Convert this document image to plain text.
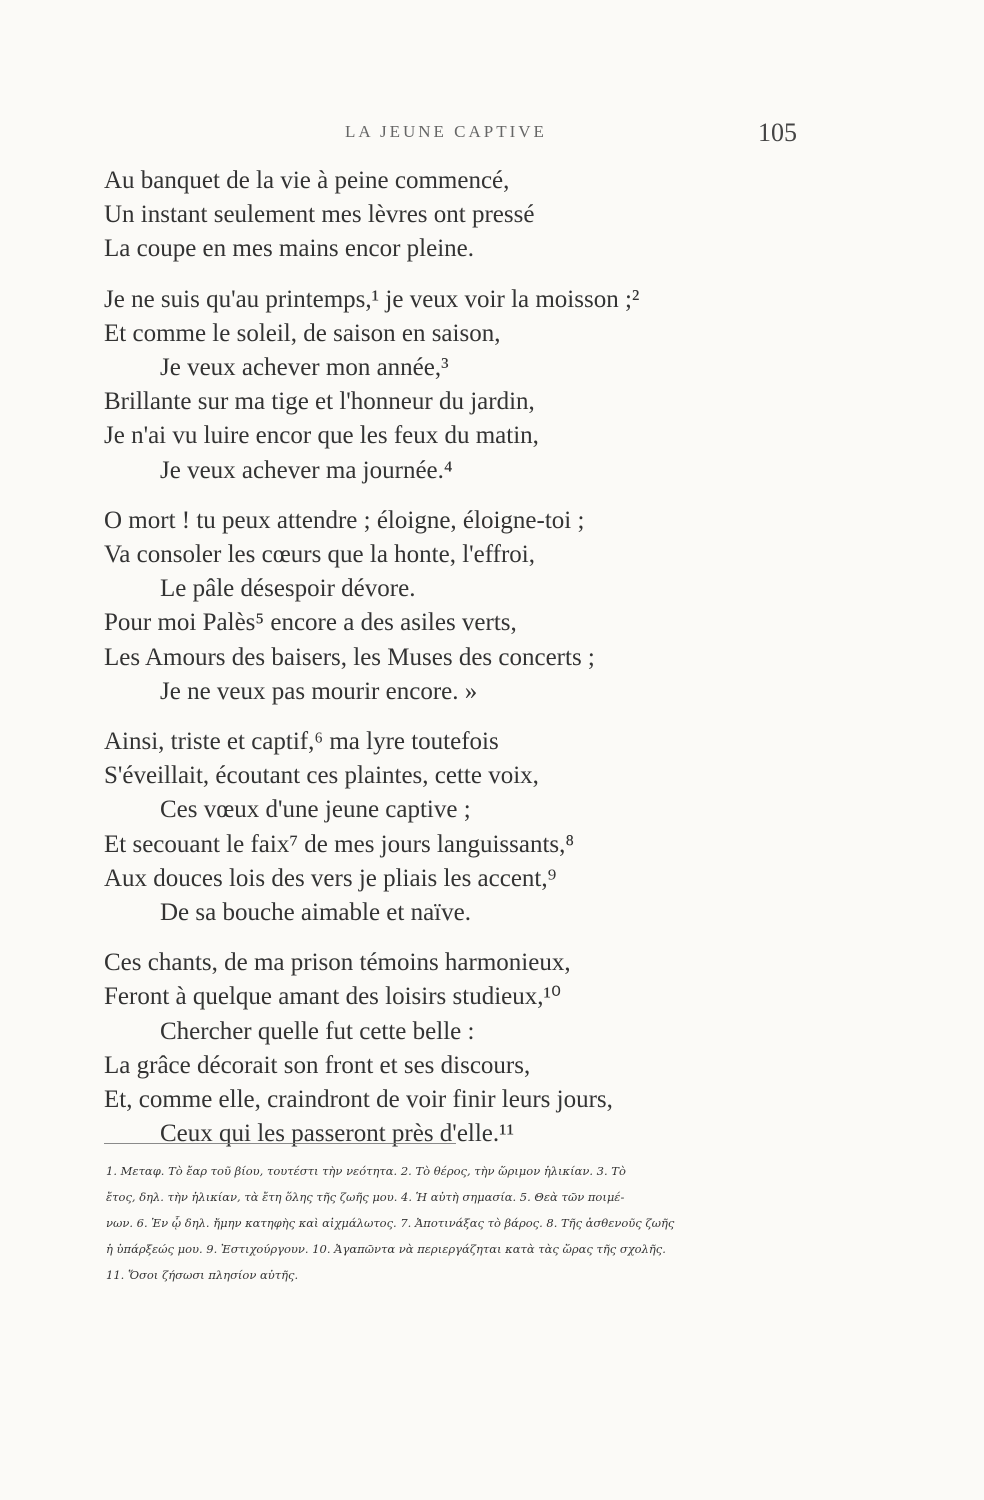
LA JEUNE CAPTIVE	105
Au banquet de la vie à peine commencé,
Un instant seulement mes lèvres ont pressé
La coupe en mes mains encor pleine.
Je ne suis qu'au printemps,¹ je veux voir la moisson ;²
Et comme le soleil, de saison en saison,
Je veux achever mon année,³
Brillante sur ma tige et l'honneur du jardin,
Je n'ai vu luire encor que les feux du matin,
Je veux achever ma journée.⁴
O mort ! tu peux attendre ; éloigne, éloigne-toi ;
Va consoler les cœurs que la honte, l'effroi,
Le pâle désespoir dévore.
Pour moi Palès⁵ encore a des asiles verts,
Les Amours des baisers, les Muses des concerts ;
Je ne veux pas mourir encore. »
Ainsi, triste et captif,⁶ ma lyre toutefois
S'éveillait, écoutant ces plaintes, cette voix,
Ces vœux d'une jeune captive ;
Et secouant le faix⁷ de mes jours languissants,⁸
Aux douces lois des vers je pliais les accent,⁹
De sa bouche aimable et naïve.
Ces chants, de ma prison témoins harmonieux,
Feront à quelque amant des loisirs studieux,¹⁰
Chercher quelle fut cette belle :
La grâce décorait son front et ses discours,
Et, comme elle, craindront de voir finir leurs jours,
Ceux qui les passeront près d'elle.¹¹
1. Μεταφ. Τὸ ἔαρ τοῦ βίου, τουτέστι τὴν νεότητα. 2. Τὸ θέρος, τὴν ὥριμον ἡλικίαν. 3. Τὸ
ἔτος, δηλ. τὴν ἡλικίαν, τὰ ἔτη ὅλης τῆς ζωῆς μου. 4. Ἡ αὐτὴ σημασία. 5. Θεὰ τῶν ποιμέ-
νων. 6. Ἐν ᾧ δηλ. ἤμην κατηφὴς καὶ αἰχμάλωτος. 7. Ἀποτινάξας τὸ βάρος. 8. Τῆς ἀσθενοῦς ζωῆς
ἡ ὑπάρξεώς μου. 9. Ἐστιχούργουν. 10. Ἀγαπῶντα νὰ περιεργάζηται κατὰ τὰς ὥρας τῆς σχολῆς.
11. Ὅσοι ζήσωσι πλησίον αὐτῆς.
